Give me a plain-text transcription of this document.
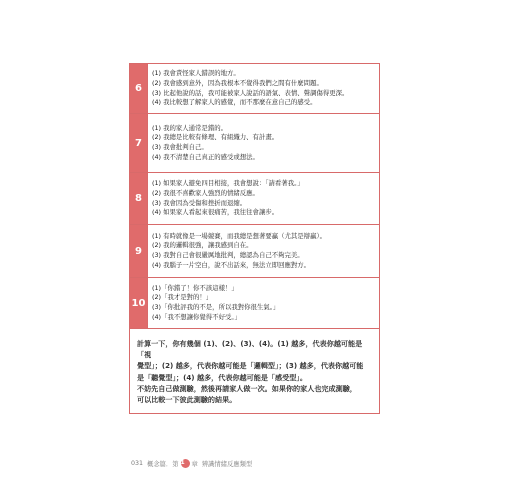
6	(1) 我會責怪家人錯誤的地方。
(2) 我會感到意外，因為我根本不覺得我們之間有什麼問題。
(3) 比起他說的話，我可能被家人說話的語氣、表情、聲調傷得更深。
(4) 我比較想了解家人的感覺，而不那麼在意自己的感受。

7	(1) 我的家人通常是錯的。
(2) 我總是比較有條理、有組織力、有計畫。
(3) 我會批判自己。
(4) 我不清楚自己真正的感受或想法。

8	(1) 如果家人避免四目相接，我會想說：「請看著我。」
(2) 我很不喜歡家人強烈的情緒反應。
(3) 我會因為受傷和挫折而退縮。
(4) 如果家人看起來很痛苦，我往往會讓步。

9	(1) 有時就像是一場競賽，而我總是想著要贏（尤其是辯贏）。
(2) 我的邏輯很強，讓我感到自在。
(3) 我對自己會很嚴厲地批判，總認為自己不夠完美。
(4) 我腦子一片空白，說不出話來，無法立即回應對方。

10	(1)「你錯了！你不該這樣！」
(2)「我才是對的！」
(3)「你批評我的不是，所以我對你很生氣。」
(4)「我不想讓你覺得不好受。」

計算一下，你有幾個 (1)、(2)、(3)、(4)。(1) 越多，代表你越可能是「視

覺型」；(2) 越多，代表你越可能是「邏輯型」；(3) 越多，代表你越可能

是「聽覺型」；(4) 越多，代表你越可能是「感受型」。

不妨先自己做測驗，然後再請家人做一次。如果你的家人也完成測驗，

可以比較一下彼此測驗的結果。	

031 概念篇．第 1	章 辨識情緒反應類型
